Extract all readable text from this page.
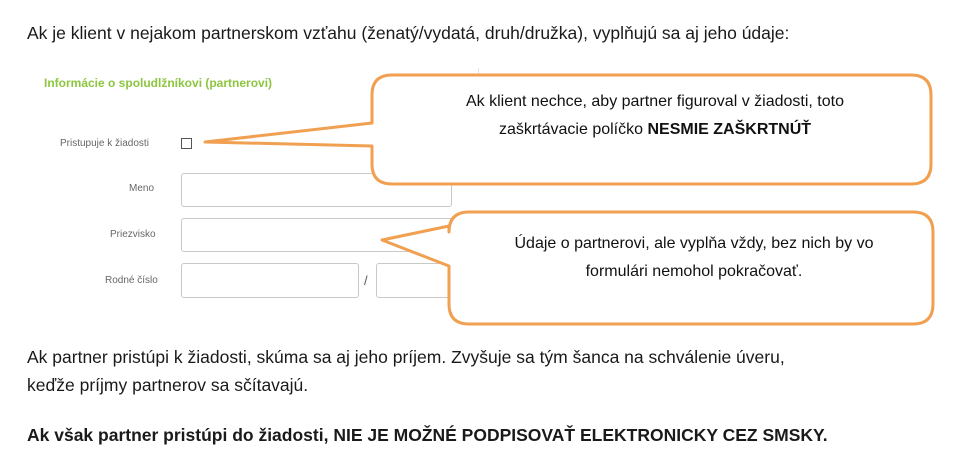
Ak je klient v nejakom partnerskom vzťahu (ženatý/vydatá, druh/družka), vyplňujú sa aj jeho údaje:
Informácie o spoludlžníkovi (partnerovi)
Pristupuje k žiadosti
Meno
Priezvisko
Rodné číslo	/
Ak klient nechce, aby partner figuroval v žiadosti, toto
zaškrtávacie políčko NESMIE ZAŠKRTNÚŤ
Údaje o partnerovi, ale vyplňa vždy, bez nich by vo
formulári nemohol pokračovať.
Ak partner pristúpi k žiadosti, skúma sa aj jeho príjem. Zvyšuje sa tým šanca na schválenie úveru,
keďže príjmy partnerov sa sčítavajú.
Ak však partner pristúpi do žiadosti, NIE JE MOŽNÉ PODPISOVAŤ ELEKTRONICKY CEZ SMSKY.
